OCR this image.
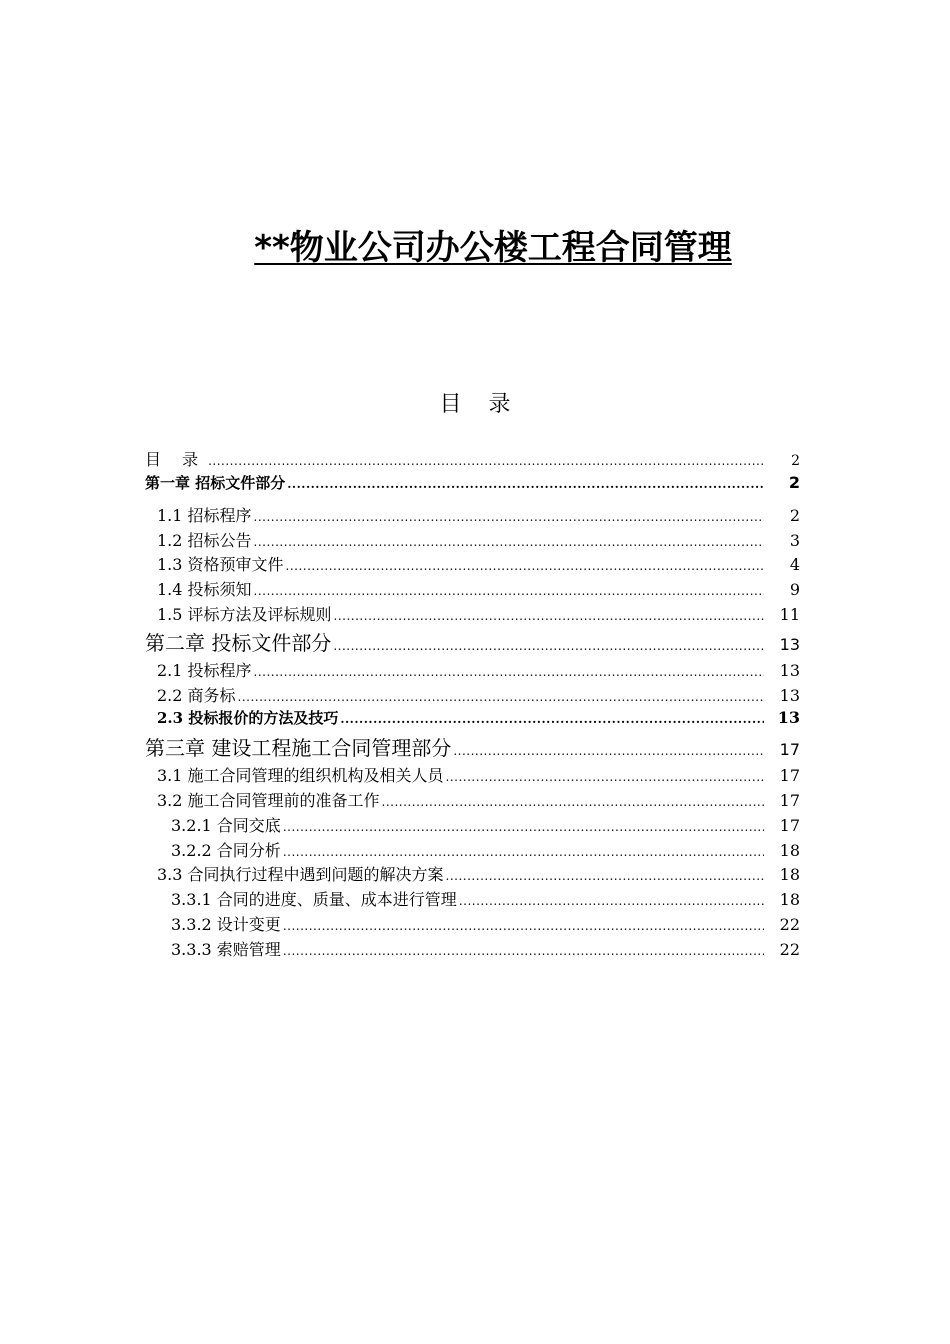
**物业公司办公楼工程合同管理
目 录
目 录 .....	2
第一章 招标文件部分 .....	2
1.1 招标程序 .....	2
1.2 招标公告 .....	3
1.3 资格预审文件 .....	4
1.4 投标须知 .....	9
1.5 评标方法及评标规则 .....	11
第二章 投标文件部分 .....	13
2.1 投标程序 .....	13
2.2 商务标 .....	13
2.3 投标报价的方法及技巧 .....	13
第三章 建设工程施工合同管理部分 .....	17
3.1 施工合同管理的组织机构及相关人员 .....	17
3.2 施工合同管理前的准备工作 .....	17
3.2.1 合同交底 .....	17
3.2.2 合同分析 .....	18
3.3 合同执行过程中遇到问题的解决方案 .....	18
3.3.1 合同的进度、质量、成本进行管理 .....	18
3.3.2 设计变更 .....	22
3.3.3 索赔管理 .....	22
